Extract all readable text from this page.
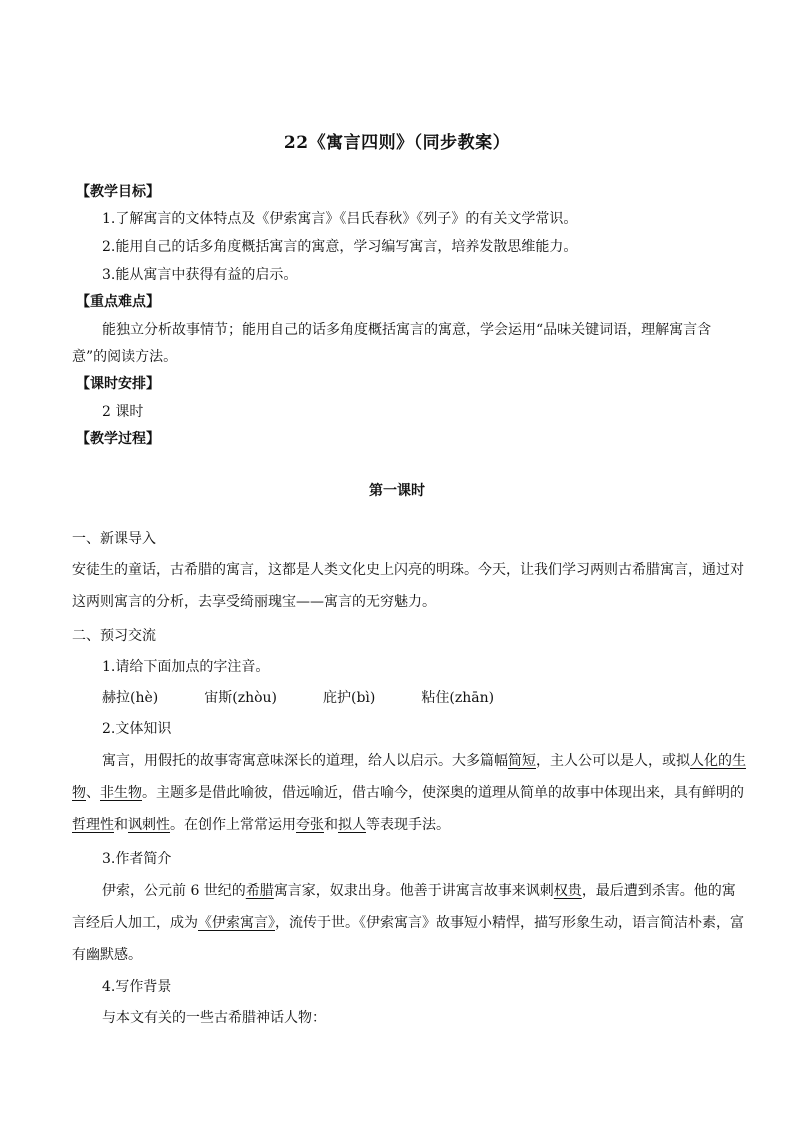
22《寓言四则》（同步教案）
【教学目标】
1.了解寓言的文体特点及《伊索寓言》《吕氏春秋》《列子》的有关文学常识。
2.能用自己的话多角度概括寓言的寓意，学习编写寓言，培养发散思维能力。
3.能从寓言中获得有益的启示。
【重点难点】
能独立分析故事情节；能用自己的话多角度概括寓言的寓意，学会运用“品味关键词语，理解寓言含
意”的阅读方法。
【课时安排】
2 课时
【教学过程】
第一课时
一、新课导入
安徒生的童话，古希腊的寓言，这都是人类文化史上闪亮的明珠。今天，让我们学习两则古希腊寓言，通过对
这两则寓言的分析，去享受绮丽瑰宝——寓言的无穷魅力。
二、预习交流
1.请给下面加点的字注音。
赫拉(hè)	宙斯(zhòu)	庇护(bì)	粘住(zhān)
2.文体知识
寓言，用假托的故事寄寓意味深长的道理，给人以启示。大多篇幅简短，主人公可以是人，或拟人化的生
物、非生物。主题多是借此喻彼，借远喻近，借古喻今，使深奥的道理从简单的故事中体现出来，具有鲜明的
哲理性和讽刺性。在创作上常常运用夸张和拟人等表现手法。
3.作者简介
伊索，公元前 6 世纪的希腊寓言家，奴隶出身。他善于讲寓言故事来讽刺权贵，最后遭到杀害。他的寓
言经后人加工，成为《伊索寓言》，流传于世。《伊索寓言》故事短小精悍，描写形象生动，语言简洁朴素，富
有幽默感。
4.写作背景
与本文有关的一些古希腊神话人物：
